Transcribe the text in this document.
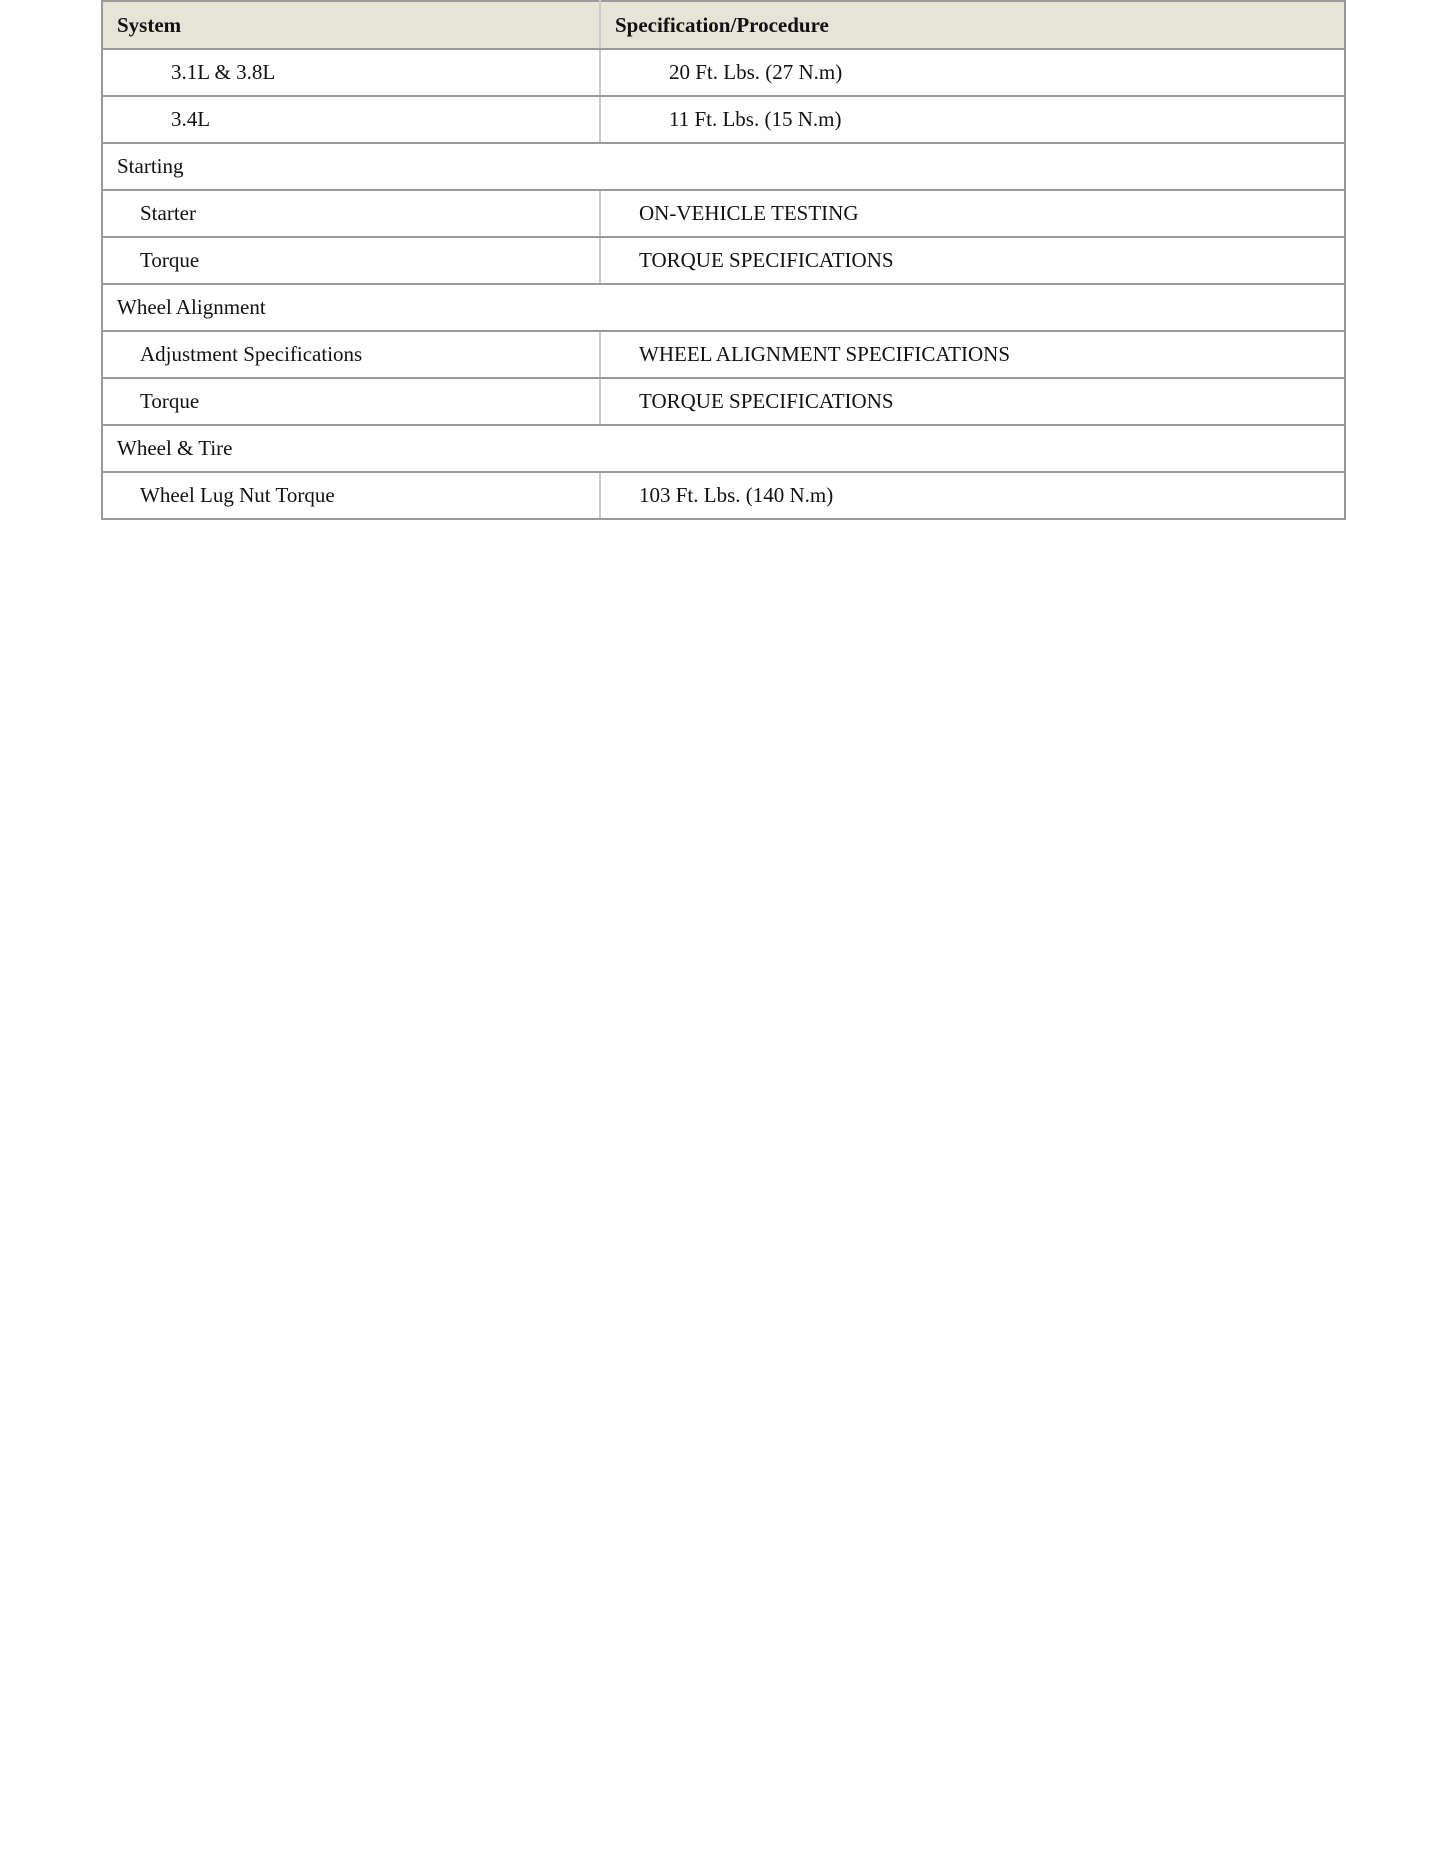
System	Specification/Procedure
3.1L & 3.8L	20 Ft. Lbs. (27 N.m)
3.4L	11 Ft. Lbs. (15 N.m)
Starting	
Starter	ON-VEHICLE TESTING
Torque	TORQUE SPECIFICATIONS
Wheel Alignment	
Adjustment Specifications	WHEEL ALIGNMENT SPECIFICATIONS
Torque	TORQUE SPECIFICATIONS
Wheel & Tire	
Wheel Lug Nut Torque	103 Ft. Lbs. (140 N.m)
